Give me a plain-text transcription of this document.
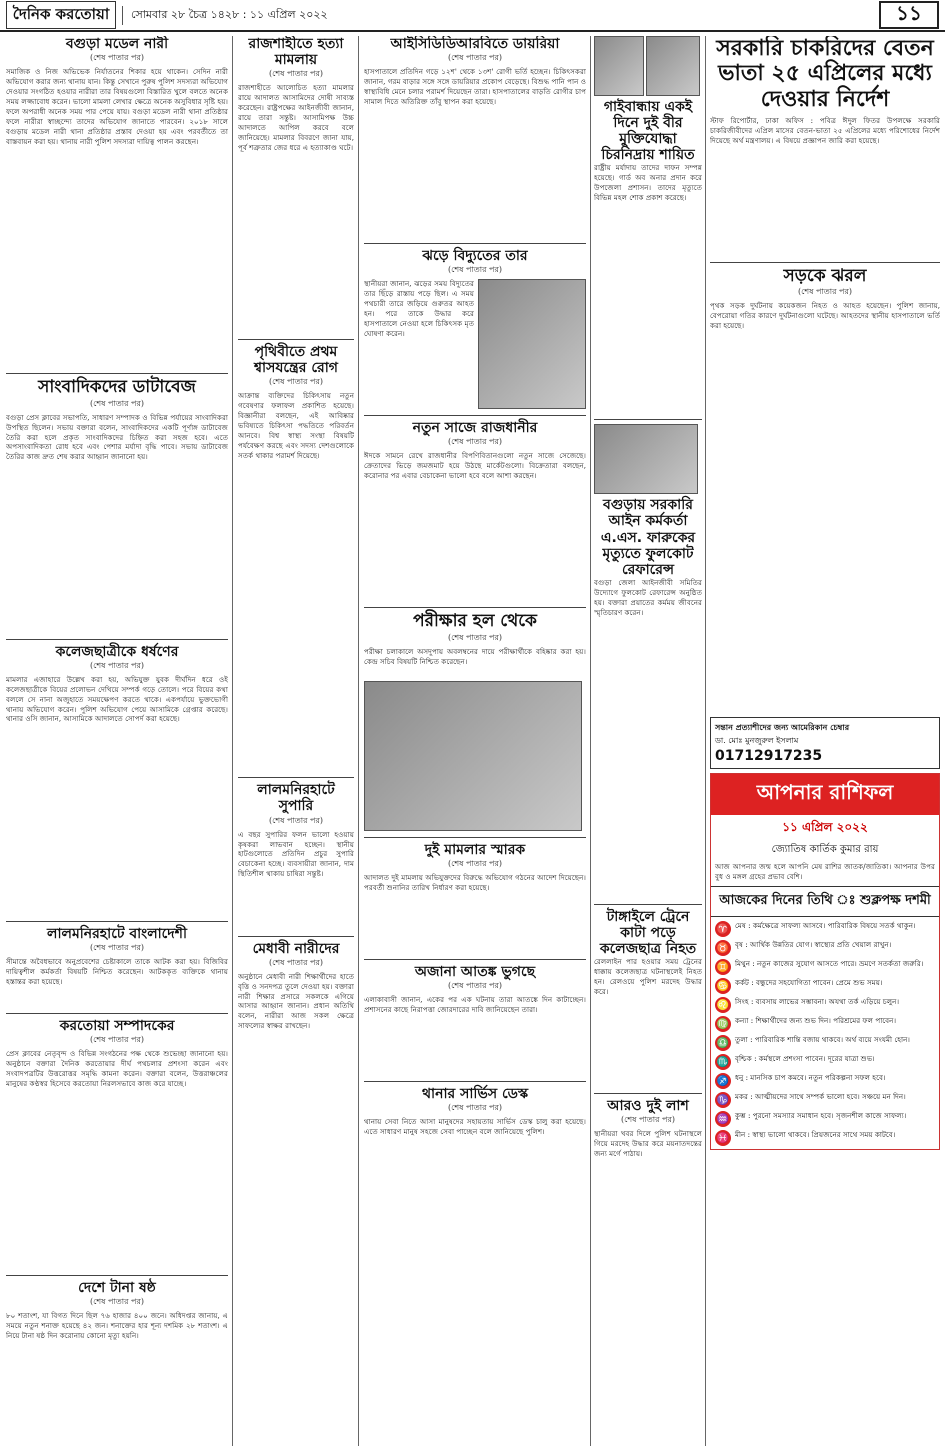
দৈনিক করতোয়া	সোমবার ২৮ চৈত্র ১৪২৮ : ১১ এপ্রিল ২০২২	১১
বগুড়া মডেল নারী
(শেষ পাতার পর)
সমাজিক ও নিজ অভিভেক নির্যাতনের শিকার হয়ে থাকেন। সেদিন নারী অভিযোগ করার জন্য থানায় যান। কিন্তু সেখানে পুরুষ পুলিশ সদস্যরা অভিযোগ দেওয়ার সংগঠিত হওয়ার নারীরা তার বিষয়গুলো বিস্তারিত খুলে বলতে অনেক সময় লজ্জাবোধ করেন। ভালো মামলা লেখার ক্ষেত্রে অনেক অসুবিধার সৃষ্টি হয়। ফলে অপরাধী অনেক সময় পার পেয়ে যায়। বগুড়া মডেল নারী থানা প্রতিষ্ঠার ফলে নারীরা স্বাচ্ছন্দ্যে তাদের অভিযোগ জানাতে পারবেন। ২০১৮ সালে বগুড়ায় মডেল নারী থানা প্রতিষ্ঠার প্রস্তাব দেওয়া হয় এবং পরবর্তীতে তা বাস্তবায়ন করা হয়। থানায় নারী পুলিশ সদস্যরা দায়িত্ব পালন করছেন।
সাংবাদিকদের ডাটাবেজ
(শেষ পাতার পর)
বগুড়া প্রেস ক্লাবের সভাপতি, সাধারণ সম্পাদক ও বিভিন্ন পর্যায়ের সাংবাদিকরা উপস্থিত ছিলেন। সভায় বক্তারা বলেন, সাংবাদিকদের একটি পূর্ণাঙ্গ ডাটাবেজ তৈরি করা হলে প্রকৃত সাংবাদিকদের চিহ্নিত করা সহজ হবে। এতে অপসাংবাদিকতা রোধ হবে এবং পেশার মর্যাদা বৃদ্ধি পাবে। সভায় ডাটাবেজ তৈরির কাজ দ্রুত শেষ করার আহ্বান জানানো হয়।
কলেজছাত্রীকে ধর্ষণের
(শেষ পাতার পর)
মামলার এজাহারে উল্লেখ করা হয়, অভিযুক্ত যুবক দীর্ঘদিন ধরে ওই কলেজছাত্রীকে বিয়ের প্রলোভন দেখিয়ে সম্পর্ক গড়ে তোলে। পরে বিয়ের কথা বললে সে নানা অজুহাতে সময়ক্ষেপণ করতে থাকে। একপর্যায়ে ভুক্তভোগী থানায় অভিযোগ করেন। পুলিশ অভিযোগ পেয়ে আসামিকে গ্রেপ্তার করেছে। থানার ওসি জানান, আসামিকে আদালতে সোপর্দ করা হয়েছে।
লালমনিরহাটে বাংলাদেশী
(শেষ পাতার পর)
সীমান্তে অবৈধভাবে অনুপ্রবেশের চেষ্টাকালে তাকে আটক করা হয়। বিজিবির দায়িত্বশীল কর্মকর্তা বিষয়টি নিশ্চিত করেছেন। আটককৃত ব্যক্তিকে থানায় হস্তান্তর করা হয়েছে।
করতোয়া সম্পাদকের
(শেষ পাতার পর)
প্রেস ক্লাবের নেতৃবৃন্দ ও বিভিন্ন সংগঠনের পক্ষ থেকে শুভেচ্ছা জানানো হয়। অনুষ্ঠানে বক্তারা দৈনিক করতোয়ার দীর্ঘ পথচলার প্রশংসা করেন এবং সংবাদপত্রটির উত্তরোত্তর সমৃদ্ধি কামনা করেন। বক্তারা বলেন, উত্তরাঞ্চলের মানুষের কণ্ঠস্বর হিসেবে করতোয়া নিরলসভাবে কাজ করে যাচ্ছে।
দেশে টানা ষষ্ঠ
(শেষ পাতার পর)
৮০ শতাংশ, যা বিগত দিনে ছিল ৭৬ হাজার ৪০০ জনে। অধিদপ্তর জানায়, এ সময়ে নতুন শনাক্ত হয়েছে ৪২ জন। শনাক্তের হার শূন্য দশমিক ২৮ শতাংশ। এ নিয়ে টানা ষষ্ঠ দিন করোনায় কোনো মৃত্যু হয়নি।
রাজশাহীতে হত্যা মামলায়
(শেষ পাতার পর)
রাজশাহীতে আলোচিত হত্যা মামলার রায়ে আদালত আসামিদের দোষী সাব্যস্ত করেছেন। রাষ্ট্রপক্ষের আইনজীবী জানান, রায়ে তারা সন্তুষ্ট। আসামিপক্ষ উচ্চ আদালতে আপিল করবে বলে জানিয়েছে। মামলার বিবরণে জানা যায়, পূর্ব শত্রুতার জের ধরে এ হত্যাকাণ্ড ঘটে।
পৃথিবীতে প্রথম শ্বাসযন্ত্রের রোগ
(শেষ পাতার পর)
আক্রান্ত ব্যক্তিদের চিকিৎসায় নতুন গবেষণার ফলাফল প্রকাশিত হয়েছে। বিজ্ঞানীরা বলছেন, এই আবিষ্কার ভবিষ্যতে চিকিৎসা পদ্ধতিতে পরিবর্তন আনবে। বিশ্ব স্বাস্থ্য সংস্থা বিষয়টি পর্যবেক্ষণ করছে এবং সদস্য দেশগুলোকে সতর্ক থাকার পরামর্শ দিয়েছে।
লালমনিরহাটে সুপারি
(শেষ পাতার পর)
এ বছর সুপারির ফলন ভালো হওয়ায় কৃষকরা লাভবান হচ্ছেন। স্থানীয় হাটগুলোতে প্রতিদিন প্রচুর সুপারি বেচাকেনা হচ্ছে। ব্যবসায়ীরা জানান, দাম স্থিতিশীল থাকায় চাষিরা সন্তুষ্ট।
মেধাবী নারীদের
(শেষ পাতার পর)
অনুষ্ঠানে মেধাবী নারী শিক্ষার্থীদের হাতে বৃত্তি ও সনদপত্র তুলে দেওয়া হয়। বক্তারা নারী শিক্ষার প্রসারে সকলকে এগিয়ে আসার আহ্বান জানান। প্রধান অতিথি বলেন, নারীরা আজ সকল ক্ষেত্রে সাফল্যের স্বাক্ষর রাখছেন।
আইসিডিডিআরবিতে ডায়রিয়া
(শেষ পাতার পর)
হাসপাতালে প্রতিদিন গড়ে ১২শ' থেকে ১৩শ' রোগী ভর্তি হচ্ছেন। চিকিৎসকরা জানান, গরম বাড়ার সঙ্গে সঙ্গে ডায়রিয়ার প্রকোপ বেড়েছে। বিশুদ্ধ পানি পান ও স্বাস্থ্যবিধি মেনে চলার পরামর্শ দিয়েছেন তারা। হাসপাতালের বাড়তি রোগীর চাপ সামাল দিতে অতিরিক্ত তাঁবু স্থাপন করা হয়েছে।
ঝড়ে বিদ্যুতের তার
(শেষ পাতার পর)
স্থানীয়রা জানান, ঝড়ের সময় বিদ্যুতের তার ছিঁড়ে রাস্তায় পড়ে ছিল। এ সময় পথচারী তারে জড়িয়ে গুরুতর আহত হন। পরে তাকে উদ্ধার করে হাসপাতালে নেওয়া হলে চিকিৎসক মৃত ঘোষণা করেন।
নতুন সাজে রাজধানীর
(শেষ পাতার পর)
ঈদকে সামনে রেখে রাজধানীর বিপণিবিতানগুলো নতুন সাজে সেজেছে। ক্রেতাদের ভিড়ে জমজমাট হয়ে উঠছে মার্কেটগুলো। বিক্রেতারা বলছেন, করোনার পর এবার বেচাকেনা ভালো হবে বলে আশা করছেন।
পরীক্ষার হল থেকে
(শেষ পাতার পর)
পরীক্ষা চলাকালে অসদুপায় অবলম্বনের দায়ে পরীক্ষার্থীকে বহিষ্কার করা হয়। কেন্দ্র সচিব বিষয়টি নিশ্চিত করেছেন।
দুই মামলার স্মারক
(শেষ পাতার পর)
আদালত দুই মামলায় অভিযুক্তদের বিরুদ্ধে অভিযোগ গঠনের আদেশ দিয়েছেন। পরবর্তী শুনানির তারিখ নির্ধারণ করা হয়েছে।
অজানা আতঙ্ক ভুগছে
(শেষ পাতার পর)
এলাকাবাসী জানান, একের পর এক ঘটনায় তারা আতঙ্কে দিন কাটাচ্ছেন। প্রশাসনের কাছে নিরাপত্তা জোরদারের দাবি জানিয়েছেন তারা।
থানার সার্ভিস ডেস্ক
(শেষ পাতার পর)
থানায় সেবা নিতে আসা মানুষদের সহায়তায় সার্ভিস ডেস্ক চালু করা হয়েছে। এতে সাধারণ মানুষ সহজে সেবা পাচ্ছেন বলে জানিয়েছে পুলিশ।
গাইবান্ধায় একই দিনে দুই বীর মুক্তিযোদ্ধা চিরনিদ্রায় শায়িত
রাষ্ট্রীয় মর্যাদায় তাদের দাফন সম্পন্ন হয়েছে। গার্ড অব অনার প্রদান করে উপজেলা প্রশাসন। তাদের মৃত্যুতে বিভিন্ন মহল শোক প্রকাশ করেছে।
বগুড়ায় সরকারি আইন কর্মকর্তা এ.এস. ফারুকের মৃত্যুতে ফুলকোট রেফারেন্স
বগুড়া জেলা আইনজীবী সমিতির উদ্যোগে ফুলকোট রেফারেন্স অনুষ্ঠিত হয়। বক্তারা প্রয়াতের কর্মময় জীবনের স্মৃতিচারণ করেন।
টাঙ্গাইলে ট্রেনে কাটা পড়ে কলেজছাত্র নিহত
রেললাইন পার হওয়ার সময় ট্রেনের ধাক্কায় কলেজছাত্র ঘটনাস্থলেই নিহত হন। রেলওয়ে পুলিশ মরদেহ উদ্ধার করে।
আরও দুই লাশ
(শেষ পাতার পর)
স্থানীয়রা খবর দিলে পুলিশ ঘটনাস্থলে গিয়ে মরদেহ উদ্ধার করে ময়নাতদন্তের জন্য মর্গে পাঠায়।
সরকারি চাকরিদের বেতন ভাতা ২৫ এপ্রিলের মধ্যে দেওয়ার নির্দেশ
স্টাফ রিপোর্টার, ঢাকা অফিস : পবিত্র ঈদুল ফিতর উপলক্ষে সরকারি চাকরিজীবীদের এপ্রিল মাসের বেতন-ভাতা ২৫ এপ্রিলের মধ্যে পরিশোধের নির্দেশ দিয়েছে অর্থ মন্ত্রণালয়। এ বিষয়ে প্রজ্ঞাপন জারি করা হয়েছে।
সড়কে ঝরল
(শেষ পাতার পর)
পৃথক সড়ক দুর্ঘটনায় কয়েকজন নিহত ও আহত হয়েছেন। পুলিশ জানায়, বেপরোয়া গতির কারণে দুর্ঘটনাগুলো ঘটেছে। আহতদের স্থানীয় হাসপাতালে ভর্তি করা হয়েছে।
সন্তান প্রত্যাশীদের জন্য আমেরিকান চেম্বার
ডা. মোঃ মুনজুরুল ইসলাম
01712917235
আপনার রাশিফল
১১ এপ্রিল ২০২২
জ্যোতিষ কার্তিক কুমার রায়
আজ আপনার জন্ম হলে আপনি মেষ রাশির জাতক/জাতিকা। আপনার উপর বুধ ও মঙ্গল গ্রহের প্রভাব বেশি।
আজকের দিনের তিথি ঃ শুক্লপক্ষ দশমী
♈ মেষ : কর্মক্ষেত্রে সাফল্য আসবে। পারিবারিক বিষয়ে সতর্ক থাকুন।
♉ বৃষ : আর্থিক উন্নতির যোগ। স্বাস্থ্যের প্রতি খেয়াল রাখুন।
♊ মিথুন : নতুন কাজের সুযোগ আসতে পারে। ভ্রমণে সতর্কতা জরুরি।
♋ কর্কট : বন্ধুদের সহযোগিতা পাবেন। প্রেমে শুভ সময়।
♌ সিংহ : ব্যবসায় লাভের সম্ভাবনা। অযথা তর্ক এড়িয়ে চলুন।
♍ কন্যা : শিক্ষার্থীদের জন্য শুভ দিন। পরিশ্রমের ফল পাবেন।
♎ তুলা : পারিবারিক শান্তি বজায় থাকবে। অর্থ ব্যয়ে সংযমী হোন।
♏ বৃশ্চিক : কর্মস্থলে প্রশংসা পাবেন। দূরের যাত্রা শুভ।
♐ ধনু : মানসিক চাপ কমবে। নতুন পরিকল্পনা সফল হবে।
♑ মকর : আত্মীয়দের সাথে সম্পর্ক ভালো হবে। সঞ্চয়ে মন দিন।
♒ কুম্ভ : পুরনো সমস্যার সমাধান হবে। সৃজনশীল কাজে সাফল্য।
♓ মীন : স্বাস্থ্য ভালো থাকবে। প্রিয়জনের সাথে সময় কাটবে।
